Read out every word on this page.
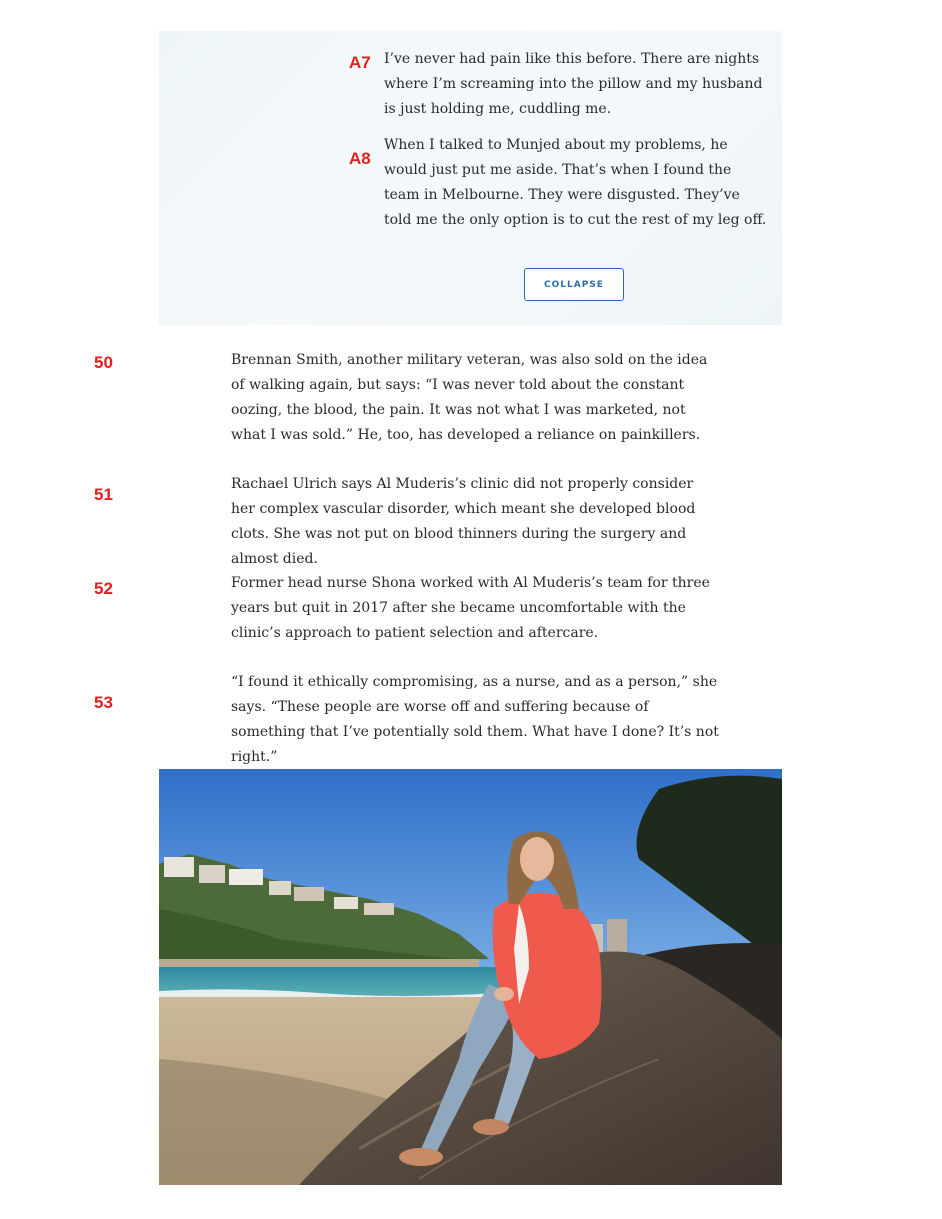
A7 I’ve never had pain like this before. There are nights where I’m screaming into the pillow and my husband is just holding me, cuddling me.
A8
When I talked to Munjed about my problems, he would just put me aside. That’s when I found the team in Melbourne. They were disgusted. They’ve told me the only option is to cut the rest of my leg off.
COLLAPSE
50	Brennan Smith, another military veteran, was also sold on the idea of walking again, but says: “I was never told about the constant oozing, the blood, the pain. It was not what I was marketed, not what I was sold.” He, too, has developed a reliance on painkillers.

51

Rachael Ulrich says Al Muderis’s clinic did not properly consider her complex vascular disorder, which meant she developed blood clots. She was not put on blood thinners during the surgery and almost died.

52	Former head nurse Shona worked with Al Muderis’s team for three years but quit in 2017 after she became uncomfortable with the clinic’s approach to patient selection and aftercare.

53

“I found it ethically compromising, as a nurse, and as a person,” she says. “These people are worse off and suffering because of something that I’ve potentially sold them. What have I done? It’s not right.”
